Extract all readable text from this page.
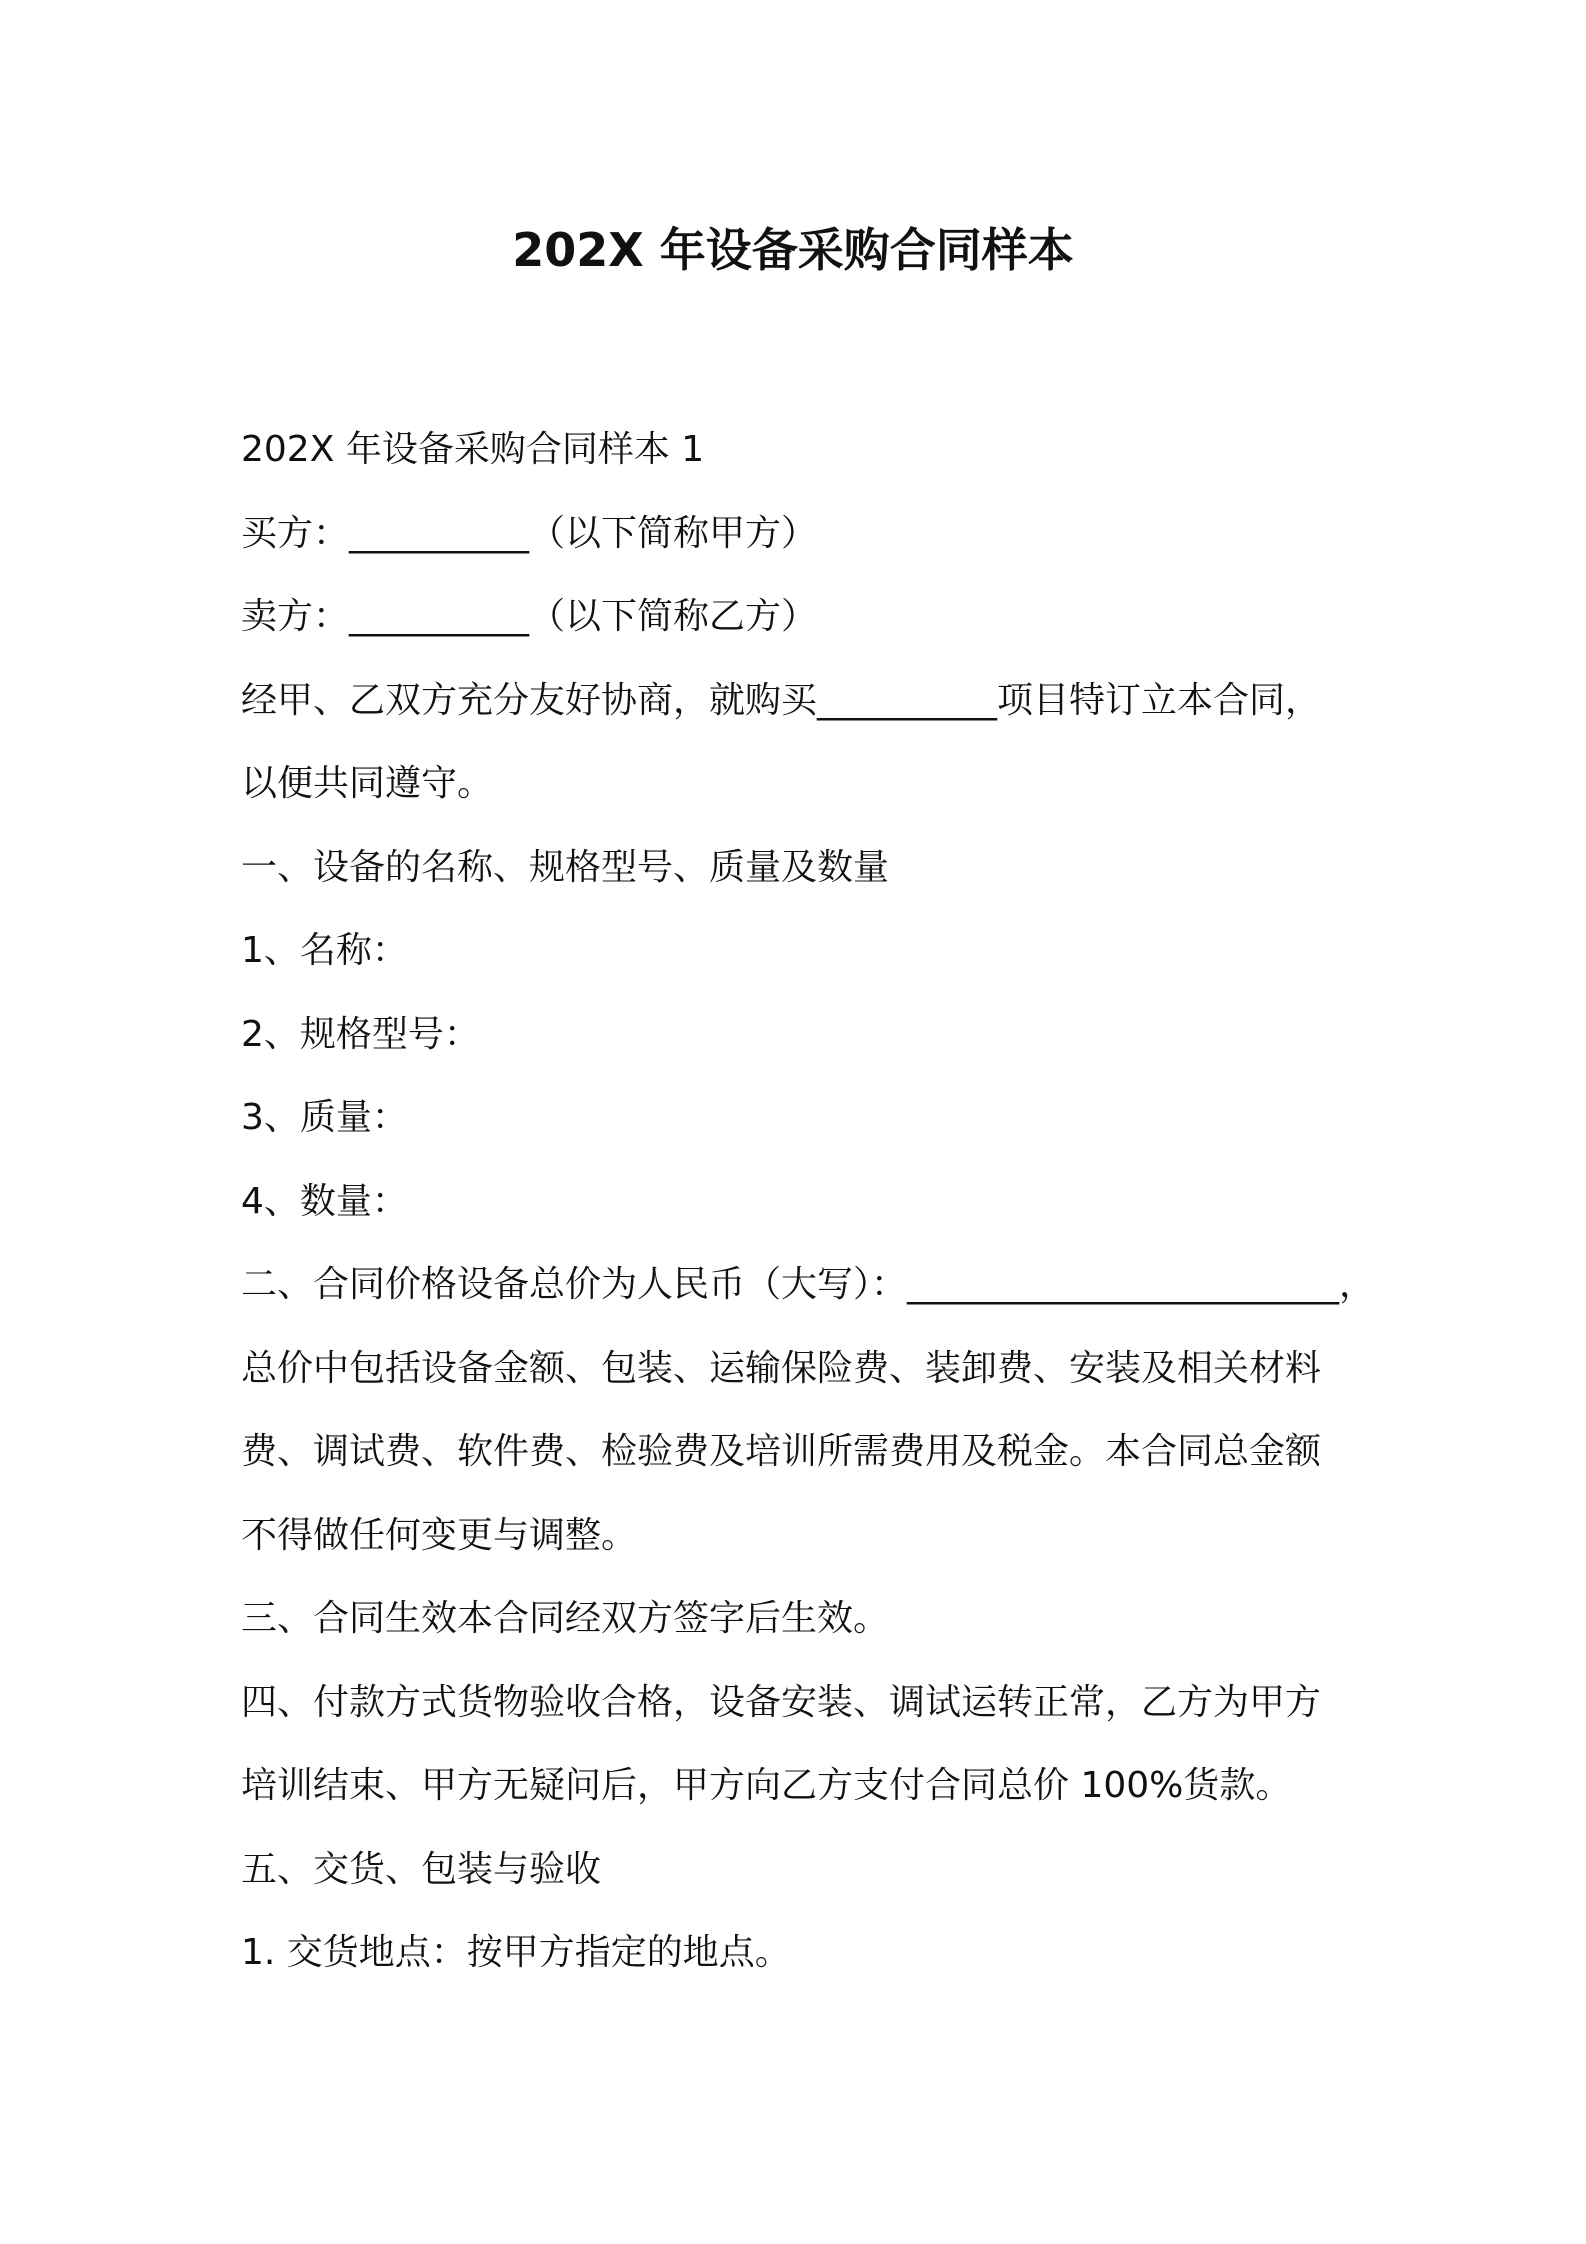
202X 年设备采购合同样本
202X 年设备采购合同样本 1
买方：__________（以下简称甲方）
卖方：__________（以下简称乙方）
经甲、乙双方充分友好协商，就购买__________项目特订立本合同，
以便共同遵守。
一、设备的名称、规格型号、质量及数量
1、名称：
2、规格型号：
3、质量：
4、数量：
二、合同价格设备总价为人民币（大写）：________________________，
总价中包括设备金额、包装、运输保险费、装卸费、安装及相关材料
费、调试费、软件费、检验费及培训所需费用及税金。本合同总金额
不得做任何变更与调整。
三、合同生效本合同经双方签字后生效。
四、付款方式货物验收合格，设备安装、调试运转正常，乙方为甲方
培训结束、甲方无疑问后，甲方向乙方支付合同总价 100%货款。
五、交货、包装与验收
1. 交货地点：按甲方指定的地点。
